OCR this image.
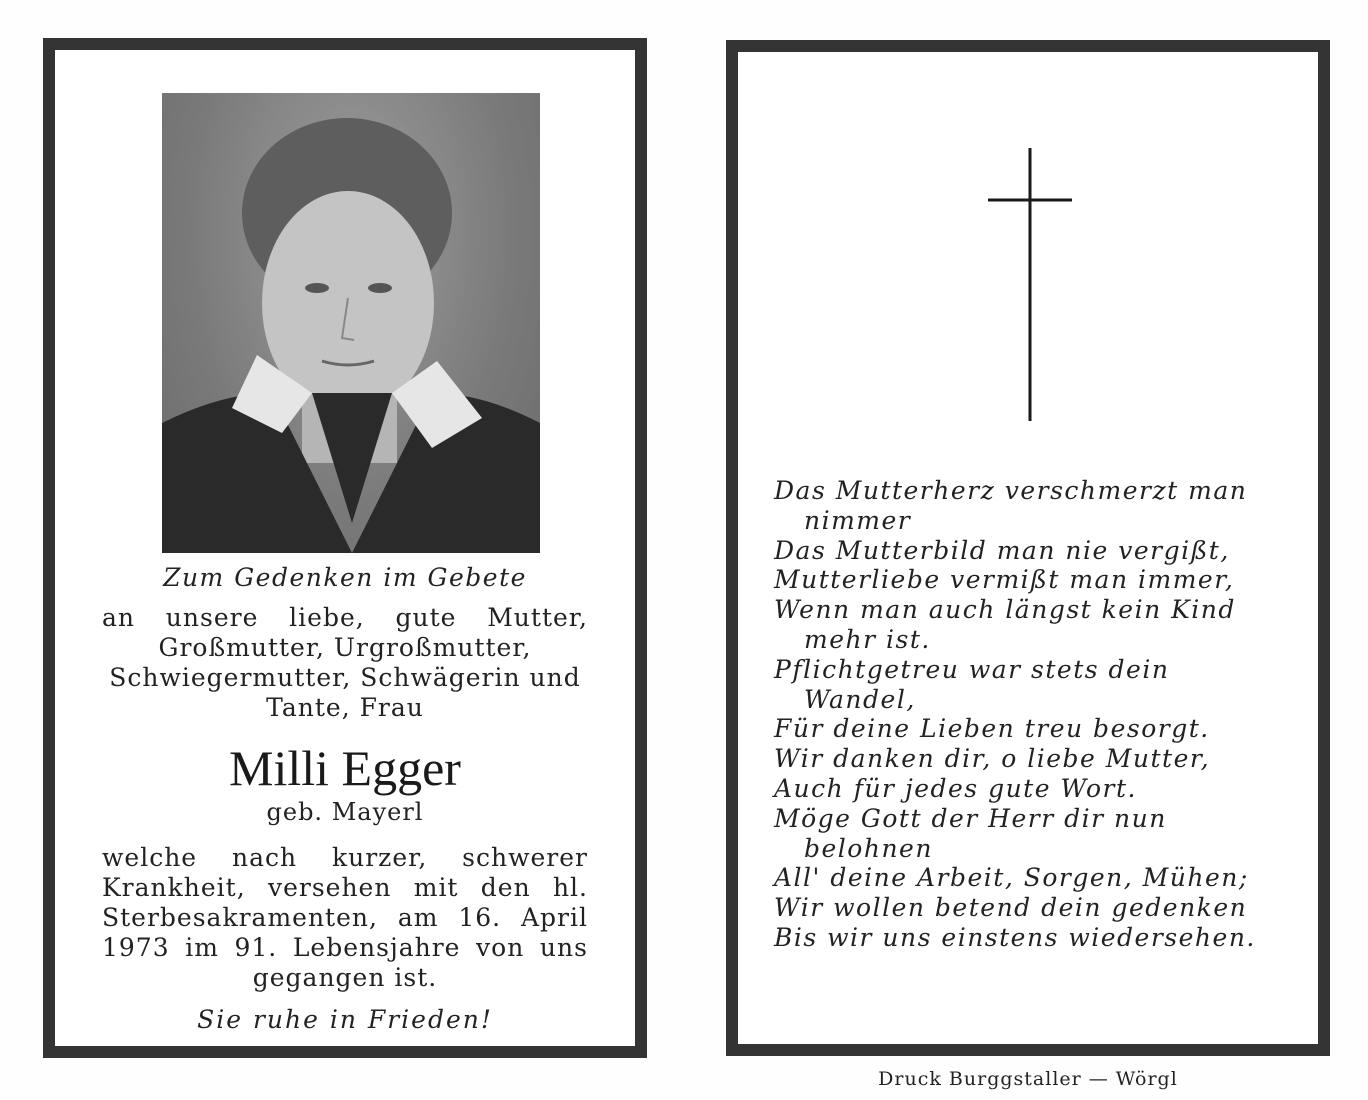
Zum Gedenken im Gebete
an unsere liebe, gute Mutter,
Großmutter, Urgroßmutter,
Schwiegermutter, Schwägerin und
Tante, Frau
Milli Egger
geb. Mayerl
welche nach kurzer, schwerer
Krankheit, versehen mit den hl.
Sterbesakramenten, am 16. April
1973 im 91. Lebensjahre von uns
gegangen ist.
Sie ruhe in Frieden!
Das Mutterherz verschmerzt man
nimmer
Das Mutterbild man nie vergißt,
Mutterliebe vermißt man immer,
Wenn man auch längst kein Kind
mehr ist.
Pflichtgetreu war stets dein
Wandel,
Für deine Lieben treu besorgt.
Wir danken dir, o liebe Mutter,
Auch für jedes gute Wort.
Möge Gott der Herr dir nun
belohnen
All' deine Arbeit, Sorgen, Mühen;
Wir wollen betend dein gedenken
Bis wir uns einstens wiedersehen.
Druck Burggstaller — Wörgl
